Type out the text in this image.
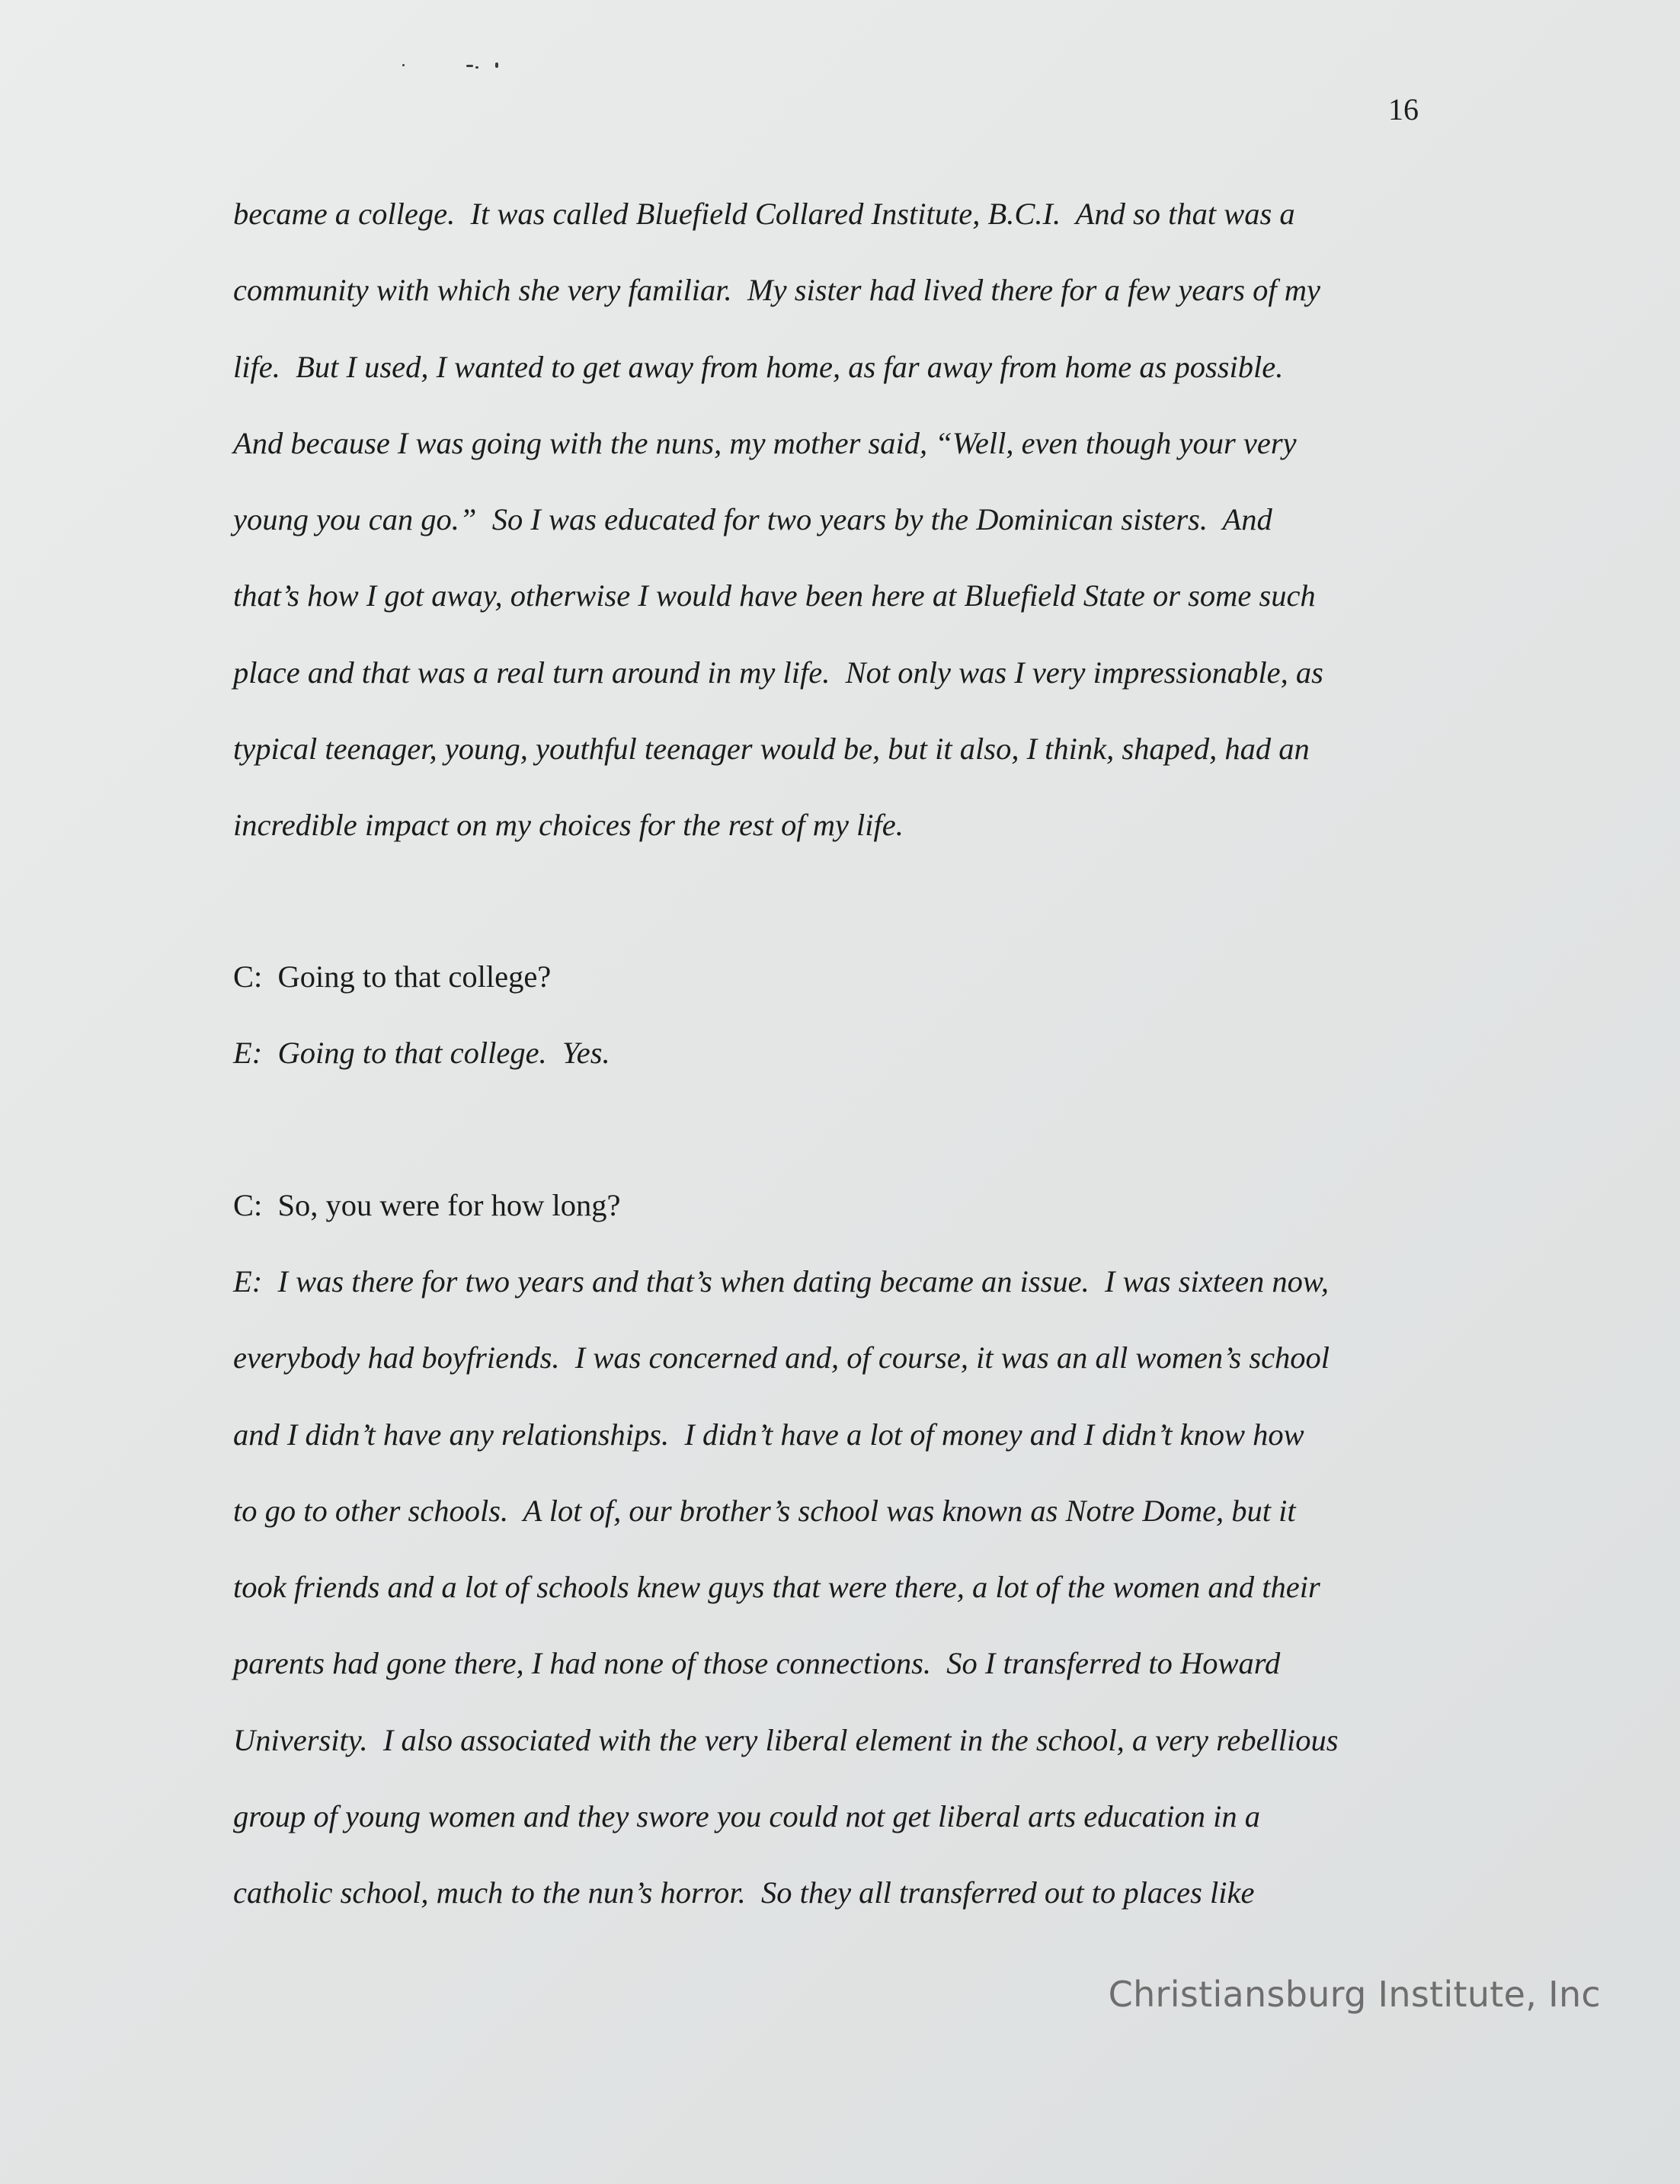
16
became a college.  It was called Bluefield Collared Institute, B.C.I.  And so that was a
community with which she very familiar.  My sister had lived there for a few years of my
life.  But I used, I wanted to get away from home, as far away from home as possible.
And because I was going with the nuns, my mother said, “Well, even though your very
young you can go.”  So I was educated for two years by the Dominican sisters.  And
that’s how I got away, otherwise I would have been here at Bluefield State or some such
place and that was a real turn around in my life.  Not only was I very impressionable, as
typical teenager, young, youthful teenager would be, but it also, I think, shaped, had an
incredible impact on my choices for the rest of my life.
C:  Going to that college?
E:  Going to that college.  Yes.
C:  So, you were for how long?
E:  I was there for two years and that’s when dating became an issue.  I was sixteen now,
everybody had boyfriends.  I was concerned and, of course, it was an all women’s school
and I didn’t have any relationships.  I didn’t have a lot of money and I didn’t know how
to go to other schools.  A lot of, our brother’s school was known as Notre Dome, but it
took friends and a lot of schools knew guys that were there, a lot of the women and their
parents had gone there, I had none of those connections.  So I transferred to Howard
University.  I also associated with the very liberal element in the school, a very rebellious
group of young women and they swore you could not get liberal arts education in a
catholic school, much to the nun’s horror.  So they all transferred out to places like
Christiansburg Institute, Inc
